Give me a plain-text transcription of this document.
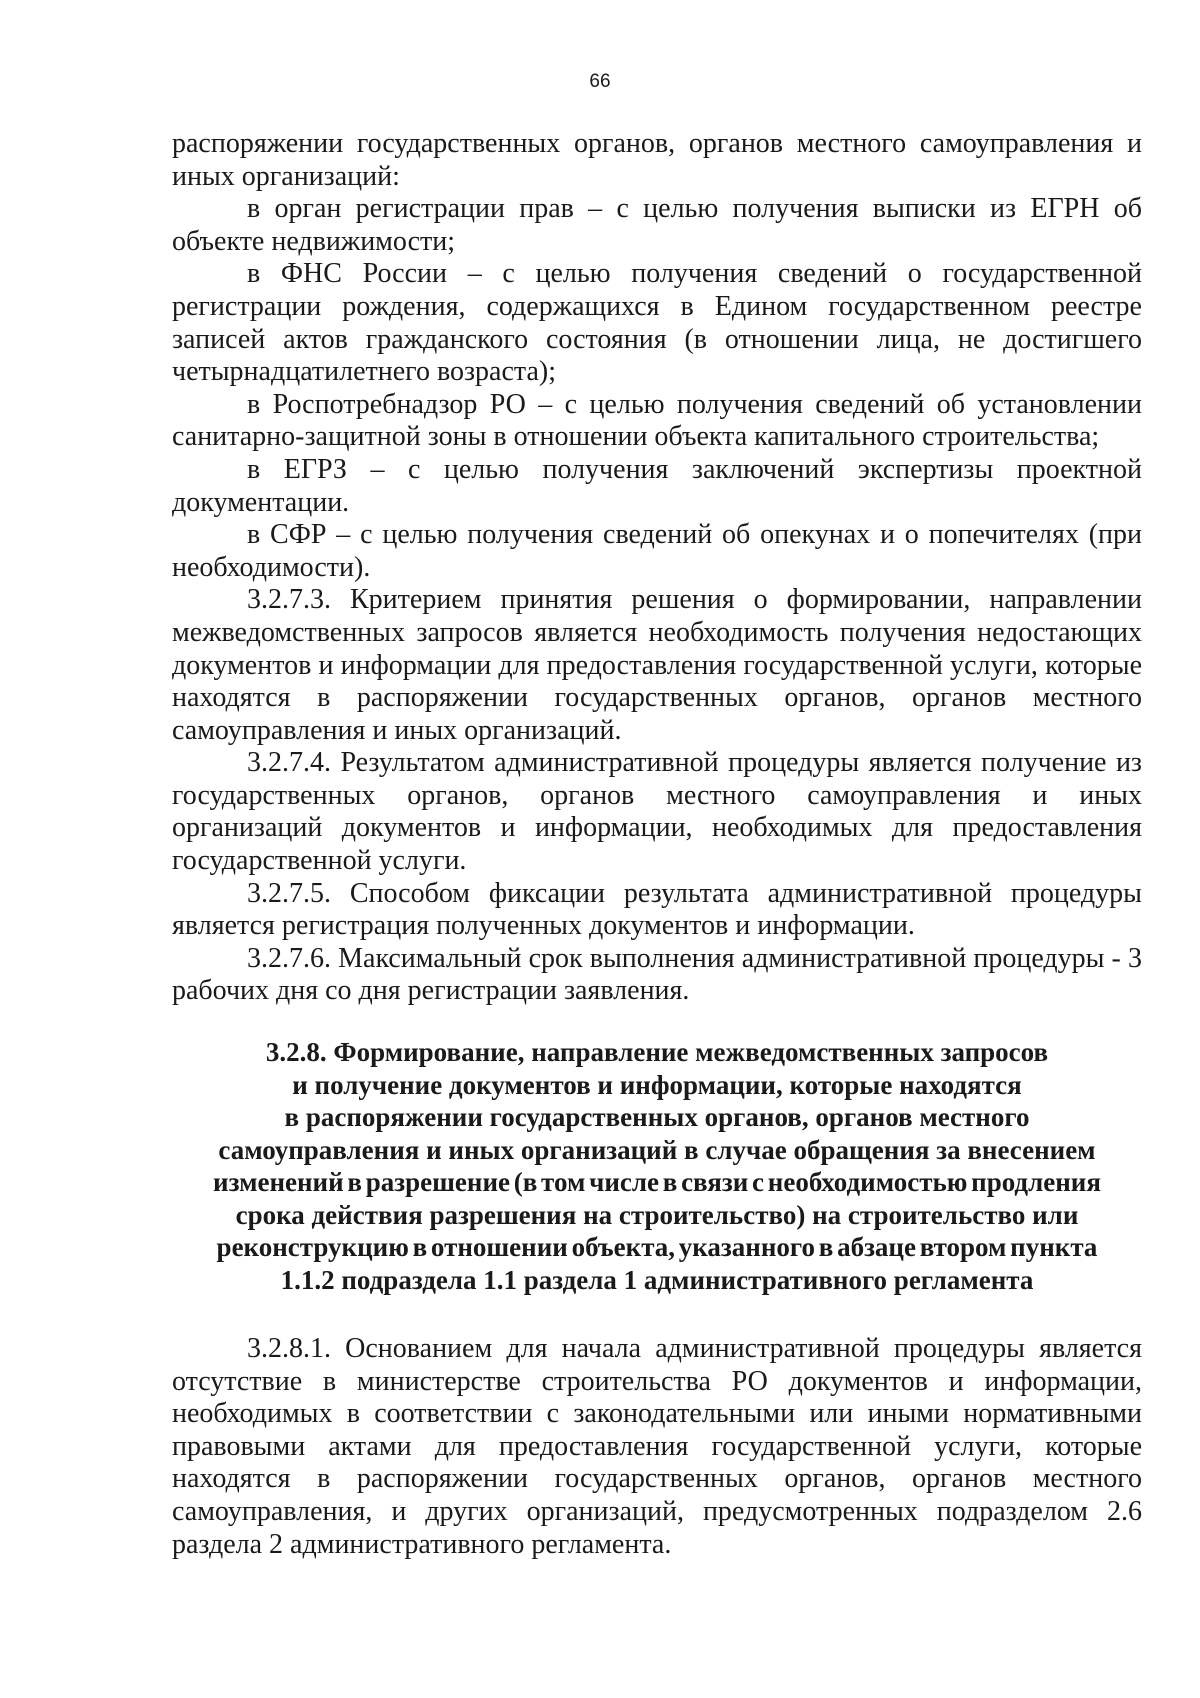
66

распоряжении государственных органов, органов местного самоуправления и иных организаций:

в орган регистрации прав – с целью получения выписки из ЕГРН об объекте недвижимости;

в ФНС России – с целью получения сведений о государственной регистрации рождения, содержащихся в Едином государственном реестре записей актов гражданского состояния (в отношении лица, не достигшего четырнадцатилетнего возраста);

в Роспотребнадзор РО – с целью получения сведений об установлении санитарно-защитной зоны в отношении объекта капитального строительства;

в ЕГРЗ – с целью получения заключений экспертизы проектной документации.

в СФР – с целью получения сведений об опекунах и о попечителях (при необходимости).

3.2.7.3. Критерием принятия решения о формировании, направлении межведомственных запросов является необходимость получения недостающих документов и информации для предоставления государственной услуги, которые находятся в распоряжении государственных органов, органов местного самоуправления и иных организаций.

3.2.7.4. Результатом административной процедуры является получение из государственных органов, органов местного самоуправления и иных организаций документов и информации, необходимых для предоставления государственной услуги.

3.2.7.5. Способом фиксации результата административной процедуры является регистрация полученных документов и информации.

3.2.7.6. Максимальный срок выполнения административной процедуры - 3 рабочих дня со дня регистрации заявления.

3.2.8. Формирование, направление межведомственных запросов
и получение документов и информации, которые находятся
в распоряжении государственных органов, органов местного
самоуправления и иных организаций в случае обращения за внесением
изменений в разрешение (в том числе в связи с необходимостью продления
срока действия разрешения на строительство) на строительство или
реконструкцию в отношении объекта, указанного в абзаце втором пункта
1.1.2 подраздела 1.1 раздела 1 административного регламента

3.2.8.1. Основанием для начала административной процедуры является отсутствие в министерстве строительства РО документов и информации, необходимых в соответствии с законодательными или иными нормативными правовыми актами для предоставления государственной услуги, которые находятся в распоряжении государственных органов, органов местного самоуправления, и других организаций, предусмотренных подразделом 2.6 раздела 2 административного регламента.
